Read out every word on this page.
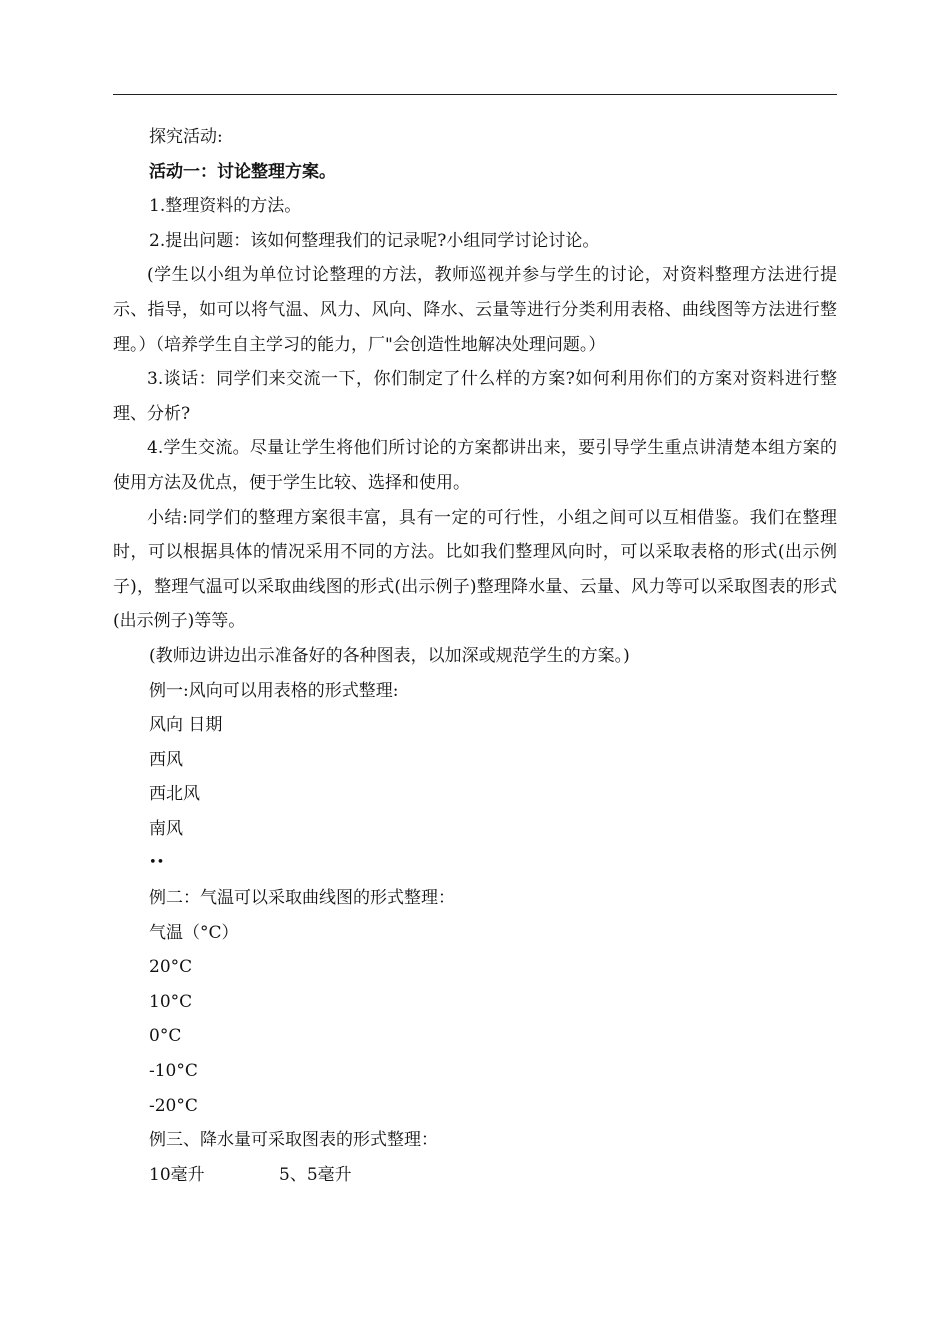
探究活动:

活动一：讨论整理方案。

1.整理资料的方法。

2.提出问题：该如何整理我们的记录呢?小组同学讨论讨论。

(学生以小组为单位讨论整理的方法，教师巡视并参与学生的讨论，对资料整理方法进行提示、指导，如可以将气温、风力、风向、降水、云量等进行分类利用表格、曲线图等方法进行整理。）（培养学生自主学习的能力，厂"会创造性地解决处理问题。）

3.谈话：同学们来交流一下，你们制定了什么样的方案?如何利用你们的方案对资料进行整理、分析?

4.学生交流。尽量让学生将他们所讨论的方案都讲出来，要引导学生重点讲清楚本组方案的使用方法及优点，便于学生比较、选择和使用。

小结:同学们的整理方案很丰富，具有一定的可行性，小组之间可以互相借鉴。我们在整理时，可以根据具体的情况采用不同的方法。比如我们整理风向时，可以采取表格的形式(出示例子)，整理气温可以采取曲线图的形式(出示例子)整理降水量、云量、风力等可以采取图表的形式(出示例子)等等。

(教师边讲边出示准备好的各种图表，以加深或规范学生的方案。)

例一:风向可以用表格的形式整理:

风向 日期

西风

西北风

南风

••

例二：气温可以采取曲线图的形式整理：

气温（°C）

20°C

10°C

0°C

-10°C

-20°C

例三、降水量可采取图表的形式整理：

10毫升	5、5毫升
